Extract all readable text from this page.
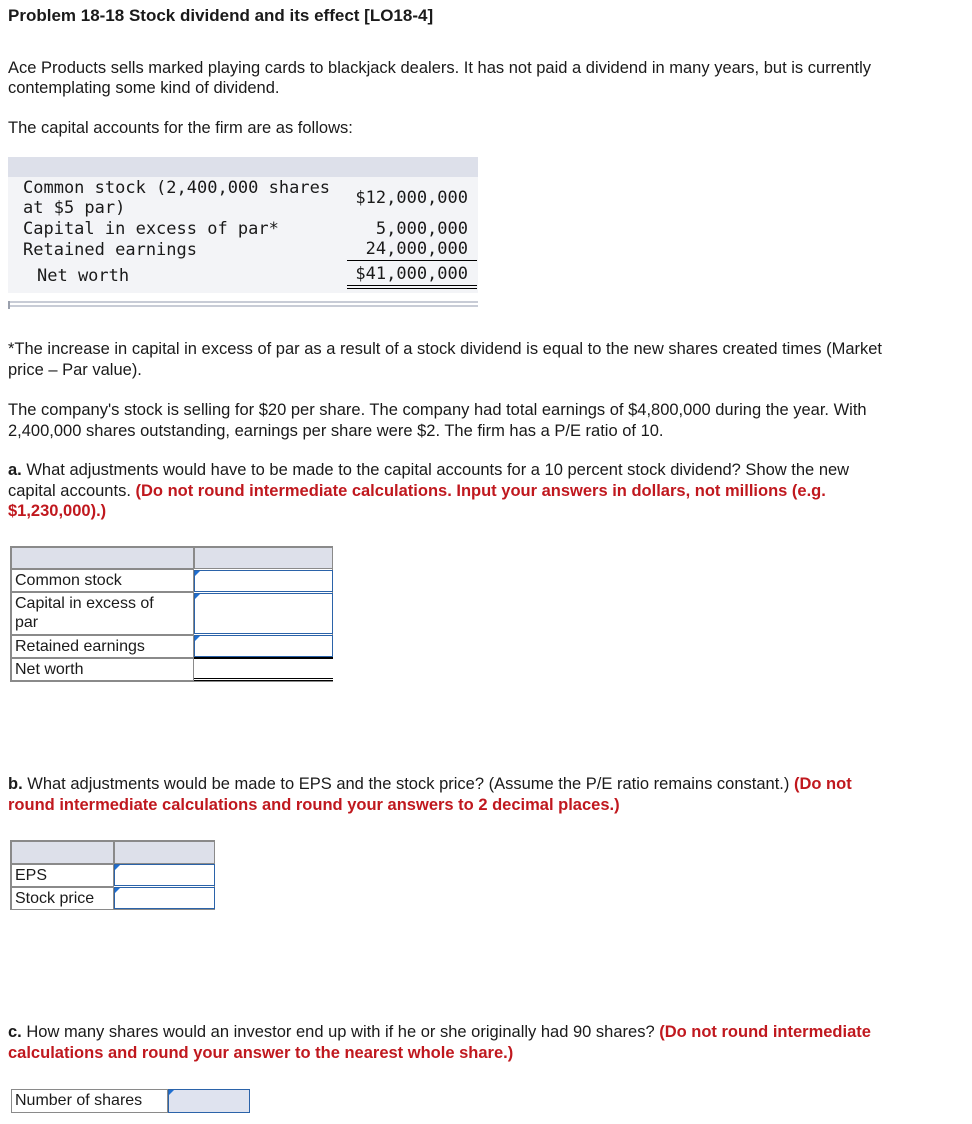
Problem 18-18 Stock dividend and its effect [LO18-4]
Ace Products sells marked playing cards to blackjack dealers. It has not paid a dividend in many years, but is currently
contemplating some kind of dividend.
The capital accounts for the firm are as follows:
Common stock (2,400,000 shares
at $5 par)	$12,000,000
Capital in excess of par*	5,000,000
Retained earnings	24,000,000
Net worth	$41,000,000
*The increase in capital in excess of par as a result of a stock dividend is equal to the new shares created times (Market
price – Par value).
The company's stock is selling for $20 per share. The company had total earnings of $4,800,000 during the year. With
2,400,000 shares outstanding, earnings per share were $2. The firm has a P/E ratio of 10.
a. What adjustments would have to be made to the capital accounts for a 10 percent stock dividend? Show the new
capital accounts. (Do not round intermediate calculations. Input your answers in dollars, not millions (e.g.
$1,230,000).)
Common stock
Capital in excess of
par
Retained earnings
Net worth
b. What adjustments would be made to EPS and the stock price? (Assume the P/E ratio remains constant.) (Do not
round intermediate calculations and round your answers to 2 decimal places.)
EPS
Stock price
c. How many shares would an investor end up with if he or she originally had 90 shares? (Do not round intermediate
calculations and round your answer to the nearest whole share.)
Number of shares
